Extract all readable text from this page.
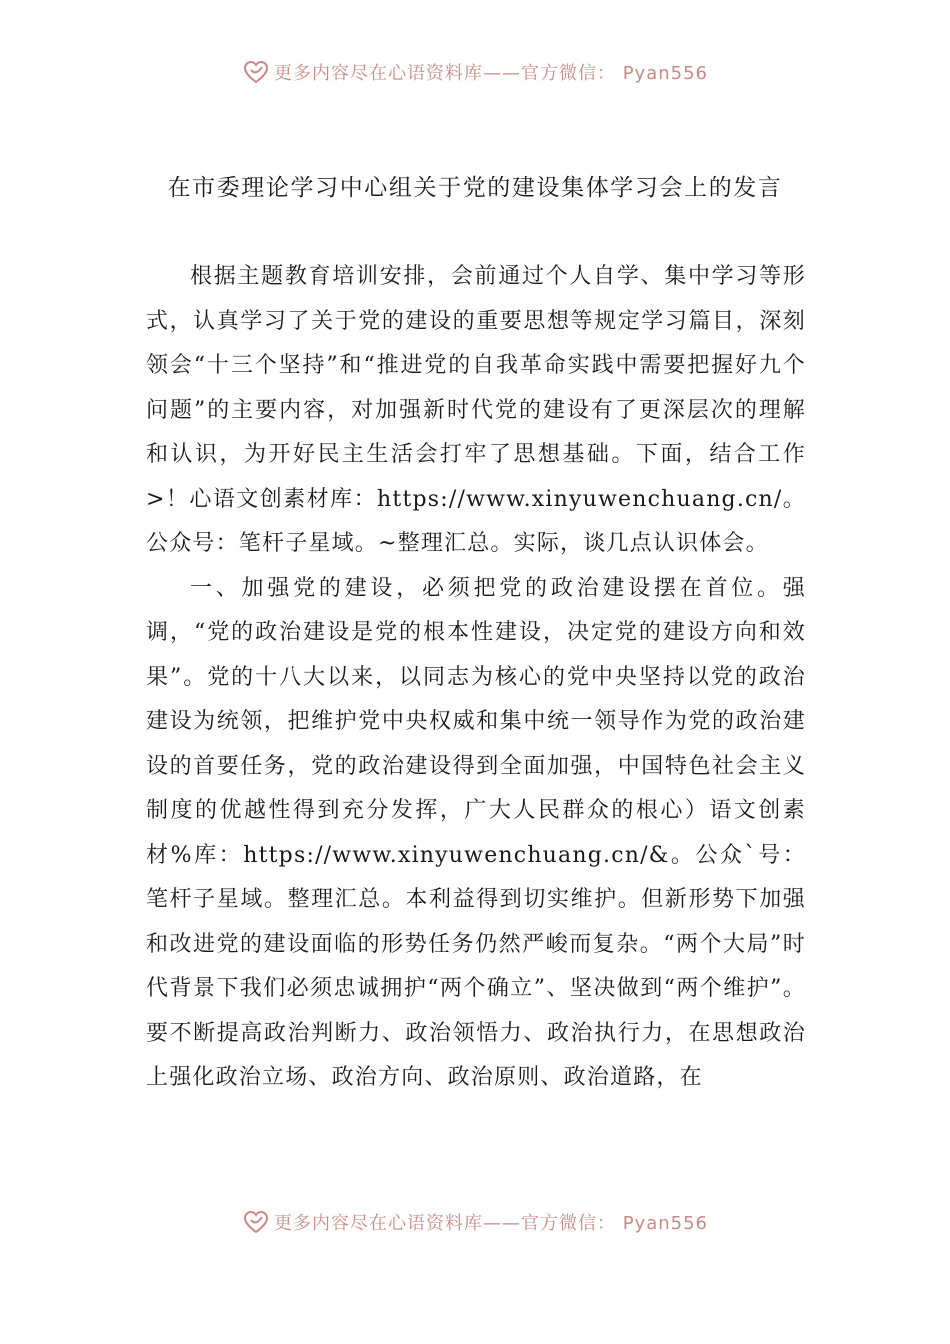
更多内容尽在心语资料库——官方微信： Pyan556
在市委理论学习中心组关于党的建设集体学习会上的发言

根据主题教育培训安排，会前通过个人自学、集中学习等形式，认真学习了关于党的建设的重要思想等规定学习篇目，深刻领会“十三个坚持”和“推进党的自我革命实践中需要把握好九个问题”的主要内容，对加强新时代党的建设有了更深层次的理解和认识，为开好民主生活会打牢了思想基础。下面，结合工作>！心语文创素材库：https://www.xinyuwenchuang.cn/。公众号：笔杆子星域。~整理汇总。实际，谈几点认识体会。

一、加强党的建设，必须把党的政治建设摆在首位。强调，“党的政治建设是党的根本性建设，决定党的建设方向和效果”。党的十八大以来，以同志为核心的党中央坚持以党的政治建设为统领，把维护党中央权威和集中统一领导作为党的政治建设的首要任务，党的政治建设得到全面加强，中国特色社会主义制度的优越性得到充分发挥，广大人民群众的根心）语文创素材%库：https://www.xinyuwenchuang.cn/&。公众`号：笔杆子星域。整理汇总。本利益得到切实维护。但新形势下加强和改进党的建设面临的形势任务仍然严峻而复杂。“两个大局”时代背景下我们必须忠诚拥护“两个确立”、坚决做到“两个维护”。要不断提高政治判断力、政治领悟力、政治执行力，在思想政治上强化政治立场、政治方向、政治原则、政治道路，在

更多内容尽在心语资料库——官方微信： Pyan556
